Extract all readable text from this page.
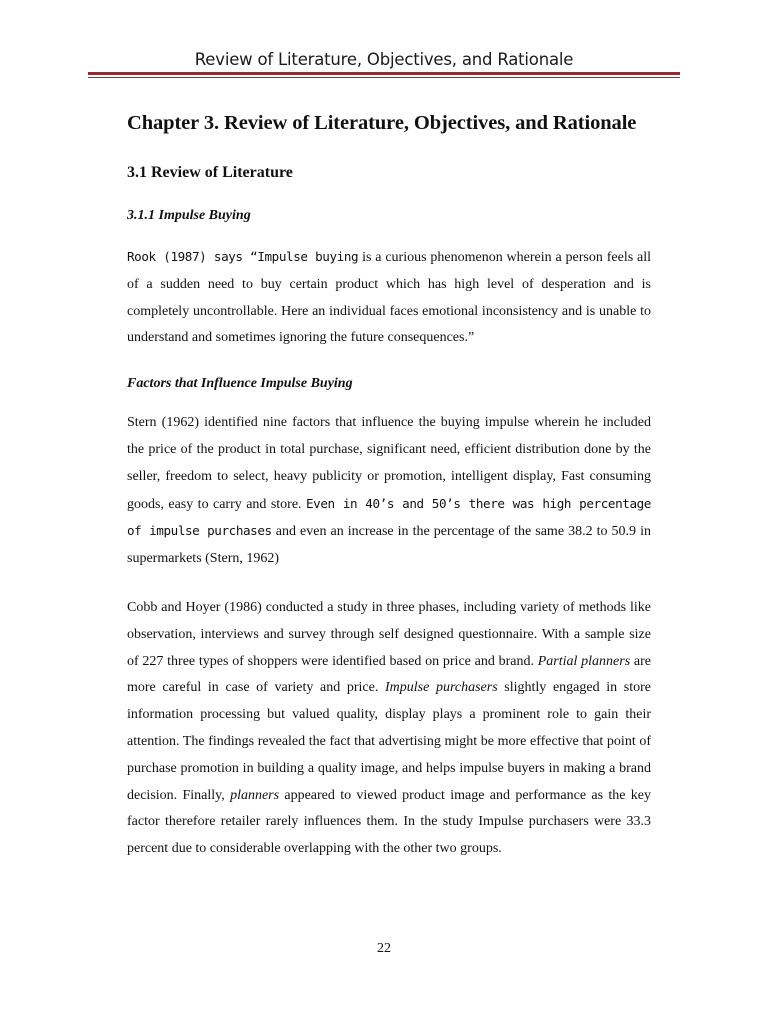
Review of Literature, Objectives, and Rationale
Chapter 3. Review of Literature, Objectives, and Rationale
3.1 Review of Literature
3.1.1 Impulse Buying

Rook (1987) says “Impulse buying is a curious phenomenon wherein a person feels all of a sudden need to buy certain product which has high level of desperation and is completely uncontrollable. Here an individual faces emotional inconsistency and is unable to understand and sometimes ignoring the future consequences.”

Factors that Influence Impulse Buying

Stern (1962) identified nine factors that influence the buying impulse wherein he included the price of the product in total purchase, significant need, efficient distribution done by the seller, freedom to select, heavy publicity or promotion, intelligent display, Fast consuming goods, easy to carry and store. Even in 40’s and 50’s there was high percentage of impulse purchases and even an increase in the percentage of the same 38.2 to 50.9 in supermarkets (Stern, 1962)

Cobb and Hoyer (1986) conducted a study in three phases, including variety of methods like observation, interviews and survey through self designed questionnaire. With a sample size of 227 three types of shoppers were identified based on price and brand. Partial planners are more careful in case of variety and price. Impulse purchasers slightly engaged in store information processing but valued quality, display plays a prominent role to gain their attention. The findings revealed the fact that advertising might be more effective that point of purchase promotion in building a quality image, and helps impulse buyers in making a brand decision. Finally, planners appeared to viewed product image and performance as the key factor therefore retailer rarely influences them. In the study Impulse purchasers were 33.3 percent due to considerable overlapping with the other two groups.

22
